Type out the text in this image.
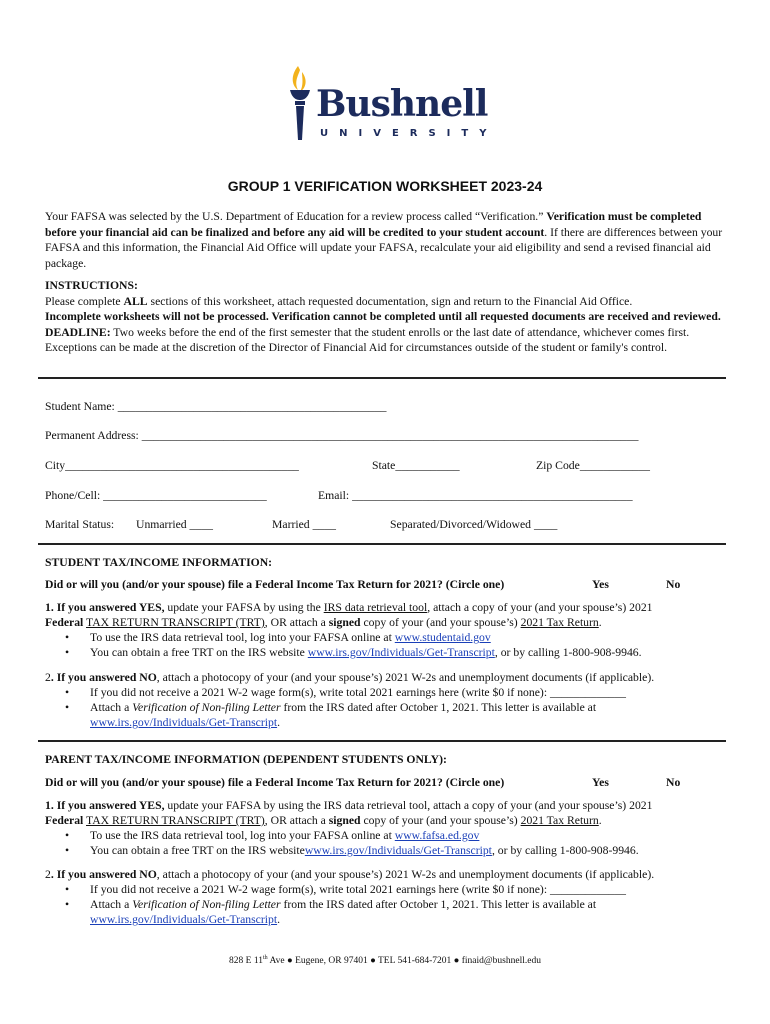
Bushnell
UNIVERSITY
GROUP 1 VERIFICATION WORKSHEET 2023-24
Your FAFSA was selected by the U.S. Department of Education for a review process called “Verification.” Verification must be completed before your financial aid can be finalized and before any aid will be credited to your student account. If there are differences between your FAFSA and this information, the Financial Aid Office will update your FAFSA, recalculate your aid eligibility and send a revised financial aid package.
INSTRUCTIONS:
Please complete ALL sections of this worksheet, attach requested documentation, sign and return to the Financial Aid Office.
Incomplete worksheets will not be processed. Verification cannot be completed until all requested documents are received and reviewed. DEADLINE: Two weeks before the end of the first semester that the student enrolls or the last date of attendance, whichever comes first. Exceptions can be made at the discretion of the Director of Financial Aid for circumstances outside of the student or family's control.
Student Name: ______________________________________________
Permanent Address: _____________________________________________________________________________________
City________________________________________	State___________	Zip Code____________
Phone/Cell: ____________________________	Email: ________________________________________________
Marital Status: Unmarried ____	Married ____	Separated/Divorced/Widowed ____
STUDENT TAX/INCOME INFORMATION:
Did or will you (and/or your spouse) file a Federal Income Tax Return for 2021? (Circle one)	Yes	No
1. If you answered YES, update your FAFSA by using the IRS data retrieval tool, attach a copy of your (and your spouse’s) 2021
Federal TAX RETURN TRANSCRIPT (TRT), OR attach a signed copy of your (and your spouse’s) 2021 Tax Return.
• To use the IRS data retrieval tool, log into your FAFSA online at www.studentaid.gov
• You can obtain a free TRT on the IRS website www.irs.gov/Individuals/Get-Transcript, or by calling 1-800-908-9946.
2. If you answered NO, attach a photocopy of your (and your spouse’s) 2021 W-2s and unemployment documents (if applicable).
• If you did not receive a 2021 W-2 wage form(s), write total 2021 earnings here (write $0 if none): _____________
• Attach a Verification of Non-filing Letter from the IRS dated after October 1, 2021. This letter is available at
www.irs.gov/Individuals/Get-Transcript.
PARENT TAX/INCOME INFORMATION (DEPENDENT STUDENTS ONLY):
Did or will you (and/or your spouse) file a Federal Income Tax Return for 2021? (Circle one)	Yes	No
1. If you answered YES, update your FAFSA by using the IRS data retrieval tool, attach a copy of your (and your spouse’s) 2021
Federal TAX RETURN TRANSCRIPT (TRT), OR attach a signed copy of your (and your spouse’s) 2021 Tax Return.
• To use the IRS data retrieval tool, log into your FAFSA online at www.fafsa.ed.gov
• You can obtain a free TRT on the IRS websitewww.irs.gov/Individuals/Get-Transcript, or by calling 1-800-908-9946.
2. If you answered NO, attach a photocopy of your (and your spouse’s) 2021 W-2s and unemployment documents (if applicable).
• If you did not receive a 2021 W-2 wage form(s), write total 2021 earnings here (write $0 if none): _____________
• Attach a Verification of Non-filing Letter from the IRS dated after October 1, 2021. This letter is available at
www.irs.gov/Individuals/Get-Transcript.
828 E 11th Ave ● Eugene, OR 97401 ● TEL 541-684-7201 ● finaid@bushnell.edu
